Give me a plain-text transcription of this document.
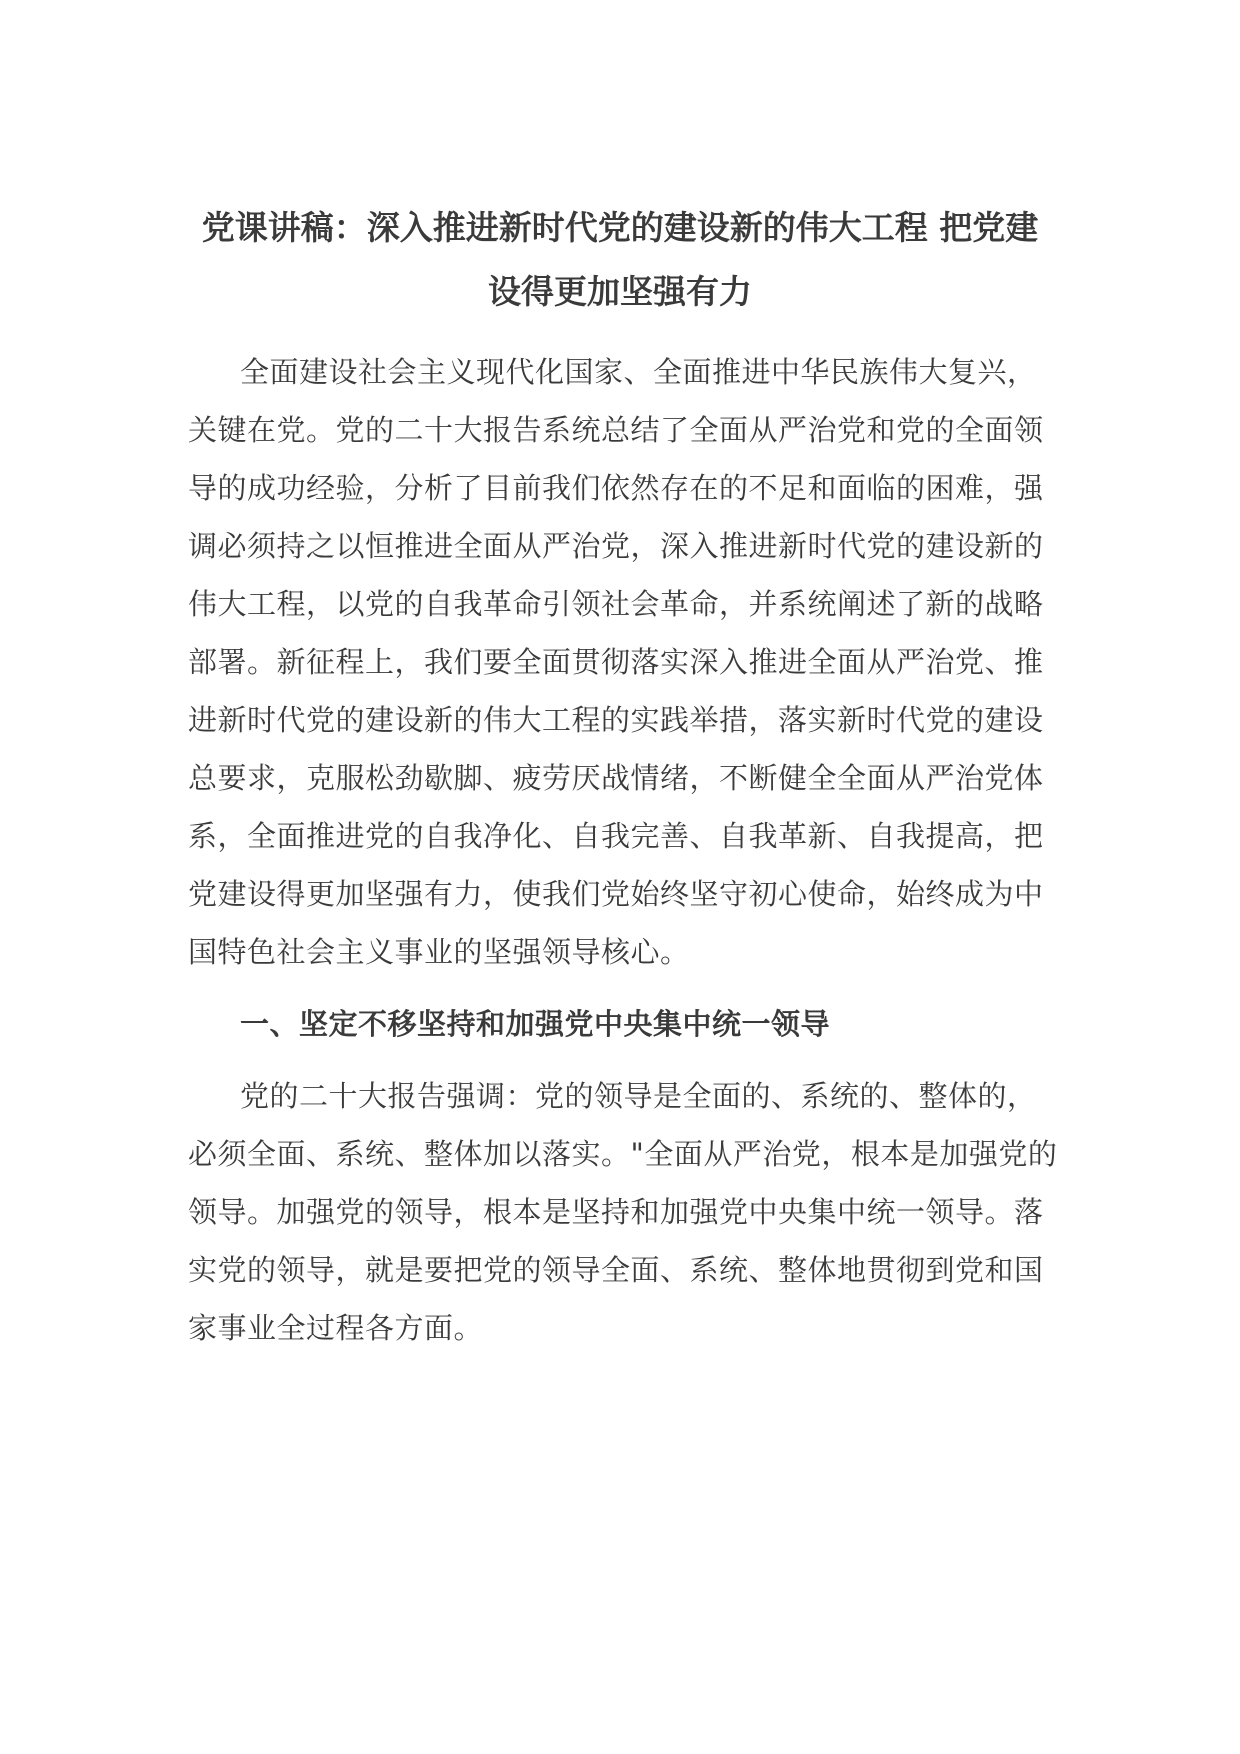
党课讲稿：深入推进新时代党的建设新的伟大工程 把党建
设得更加坚强有力
全面建设社会主义现代化国家、全面推进中华民族伟大复兴，
关键在党。党的二十大报告系统总结了全面从严治党和党的全面领
导的成功经验，分析了目前我们依然存在的不足和面临的困难，强
调必须持之以恒推进全面从严治党，深入推进新时代党的建设新的
伟大工程，以党的自我革命引领社会革命，并系统阐述了新的战略
部署。新征程上，我们要全面贯彻落实深入推进全面从严治党、推
进新时代党的建设新的伟大工程的实践举措，落实新时代党的建设
总要求，克服松劲歇脚、疲劳厌战情绪，不断健全全面从严治党体
系，全面推进党的自我净化、自我完善、自我革新、自我提高，把
党建设得更加坚强有力，使我们党始终坚守初心使命，始终成为中
国特色社会主义事业的坚强领导核心。
一、坚定不移坚持和加强党中央集中统一领导
党的二十大报告强调：党的领导是全面的、系统的、整体的，
必须全面、系统、整体加以落实。"全面从严治党，根本是加强党的
领导。加强党的领导，根本是坚持和加强党中央集中统一领导。落
实党的领导，就是要把党的领导全面、系统、整体地贯彻到党和国
家事业全过程各方面。
